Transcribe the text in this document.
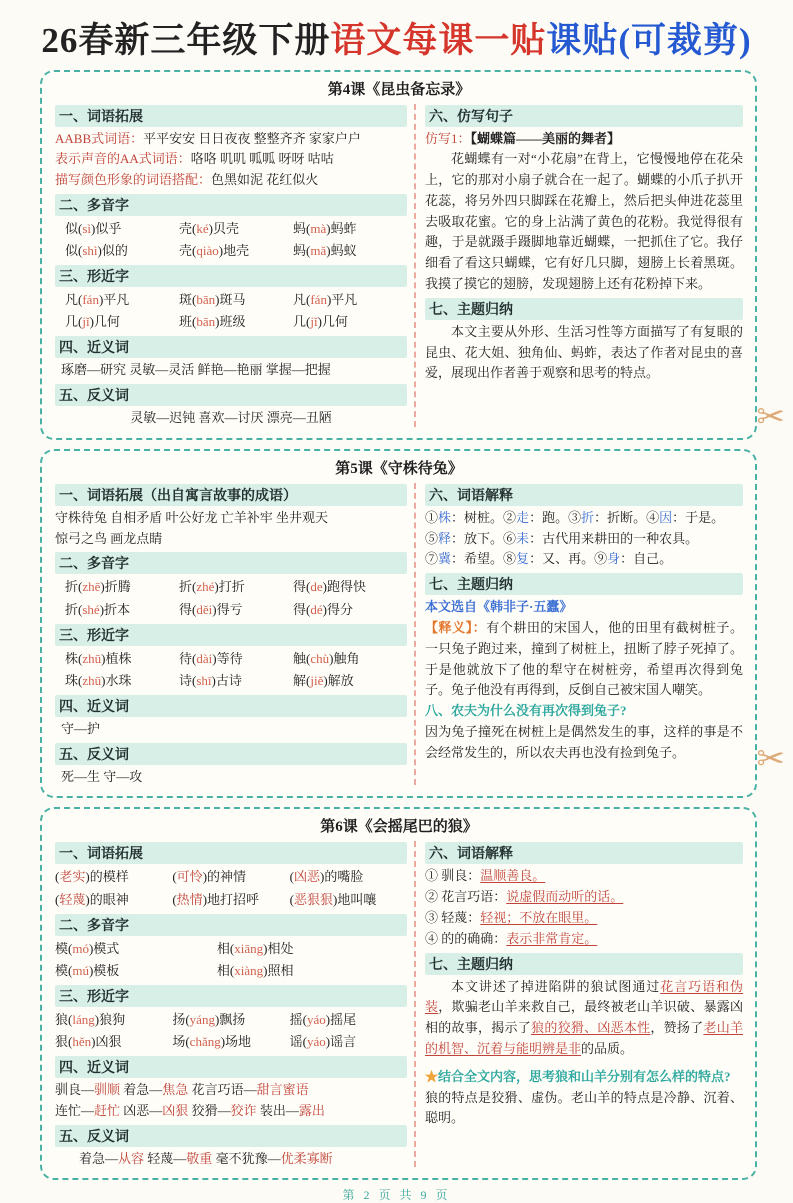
26春新三年级下册语文每课一贴课贴(可裁剪)
第4课《昆虫备忘录》
一、词语拓展
AABB式词语：平平安安 日日夜夜 整整齐齐 家家户户
表示声音的AA式词语：咯咯 叽叽 呱呱 呀呀 咕咕
描写颜色形象的词语搭配：色黑如泥 花红似火
二、多音字
似(sì)似乎	壳(ké)贝壳	蚂(mà)蚂蚱
似(shì)似的	壳(qiào)地壳	蚂(mǎ)蚂蚁
三、形近字
凡(fán)平凡	斑(bān)斑马	凡(fán)平凡
几(jǐ)几何	班(bān)班级	几(jǐ)几何
四、近义词
琢磨—研究 灵敏—灵活 鲜艳—艳丽 掌握—把握
五、反义词
灵敏—迟钝 喜欢—讨厌 漂亮—丑陋
六、仿写句子
仿写1：【蝴蝶篇——美丽的舞者】
花蝴蝶有一对“小花扇”在背上，它慢慢地停在花朵上，它的那对小扇子就合在一起了。蝴蝶的小爪子扒开花蕊，将另外四只脚踩在花瓣上，然后把头伸进花蕊里去吸取花蜜。它的身上沾满了黄色的花粉。我觉得很有趣，于是就蹑手蹑脚地靠近蝴蝶，一把抓住了它。我仔细看了看这只蝴蝶，它有好几只脚，翅膀上长着黑斑。我摸了摸它的翅膀，发现翅膀上还有花粉掉下来。
七、主题归纳
本文主要从外形、生活习性等方面描写了有复眼的昆虫、花大姐、独角仙、蚂蚱，表达了作者对昆虫的喜爱，展现出作者善于观察和思考的特点。
第5课《守株待兔》
一、词语拓展（出自寓言故事的成语）
守株待兔 自相矛盾 叶公好龙 亡羊补牢 坐井观天
惊弓之鸟 画龙点睛
二、多音字
折(zhē)折腾	折(zhé)打折	得(de)跑得快
折(shé)折本	得(děi)得亏	得(dé)得分
三、形近字
株(zhū)植株	待(dài)等待	触(chù)触角
珠(zhū)水珠	诗(shī)古诗	解(jiě)解放
四、近义词
守—护
五、反义词
死—生 守—攻
六、词语解释
①株：树桩。②走：跑。③折：折断。④因：于是。
⑤释：放下。⑥耒：古代用来耕田的一种农具。
⑦冀：希望。⑧复：又、再。⑨身：自己。
七、主题归纳
本文选自《韩非子·五蠹》
【释义】：有个耕田的宋国人，他的田里有截树桩子。一只兔子跑过来，撞到了树桩上，扭断了脖子死掉了。于是他就放下了他的犁守在树桩旁，希望再次得到兔子。兔子他没有再得到，反倒自己被宋国人嘲笑。
八、农夫为什么没有再次得到兔子?
因为兔子撞死在树桩上是偶然发生的事，这样的事是不会经常发生的，所以农夫再也没有捡到兔子。
第6课《会摇尾巴的狼》
一、词语拓展
(老实)的模样	(可怜)的神情	(凶恶)的嘴脸
(轻蔑)的眼神	(热情)地打招呼	(恶狠狠)地叫嚷
二、多音字
模(mó)模式	相(xiāng)相处
模(mú)模板	相(xiàng)照相
三、形近字
狼(láng)狼狗	扬(yáng)飘扬	摇(yáo)摇尾
狠(hěn)凶狠	场(chǎng)场地	谣(yáo)谣言
四、近义词
驯良—驯顺 着急—焦急 花言巧语—甜言蜜语
连忙—赶忙 凶恶—凶狠 狡猾—狡诈 装出—露出
五、反义词
着急—从容 轻蔑—敬重 毫不犹豫—优柔寡断
六、词语解释
① 驯良：温顺善良。
② 花言巧语：说虚假而动听的话。
③ 轻蔑：轻视；不放在眼里。
④ 的的确确：表示非常肯定。
七、主题归纳
本文讲述了掉进陷阱的狼试图通过花言巧语和伪装，欺骗老山羊来救自己，最终被老山羊识破、暴露凶相的故事，揭示了狼的狡猾、凶恶本性，赞扬了老山羊的机智、沉着与能明辨是非的品质。
★结合全文内容，思考狼和山羊分别有怎么样的特点?
狼的特点是狡猾、虚伪。老山羊的特点是冷静、沉着、聪明。
第 2 页 共 9 页
✂
✂
